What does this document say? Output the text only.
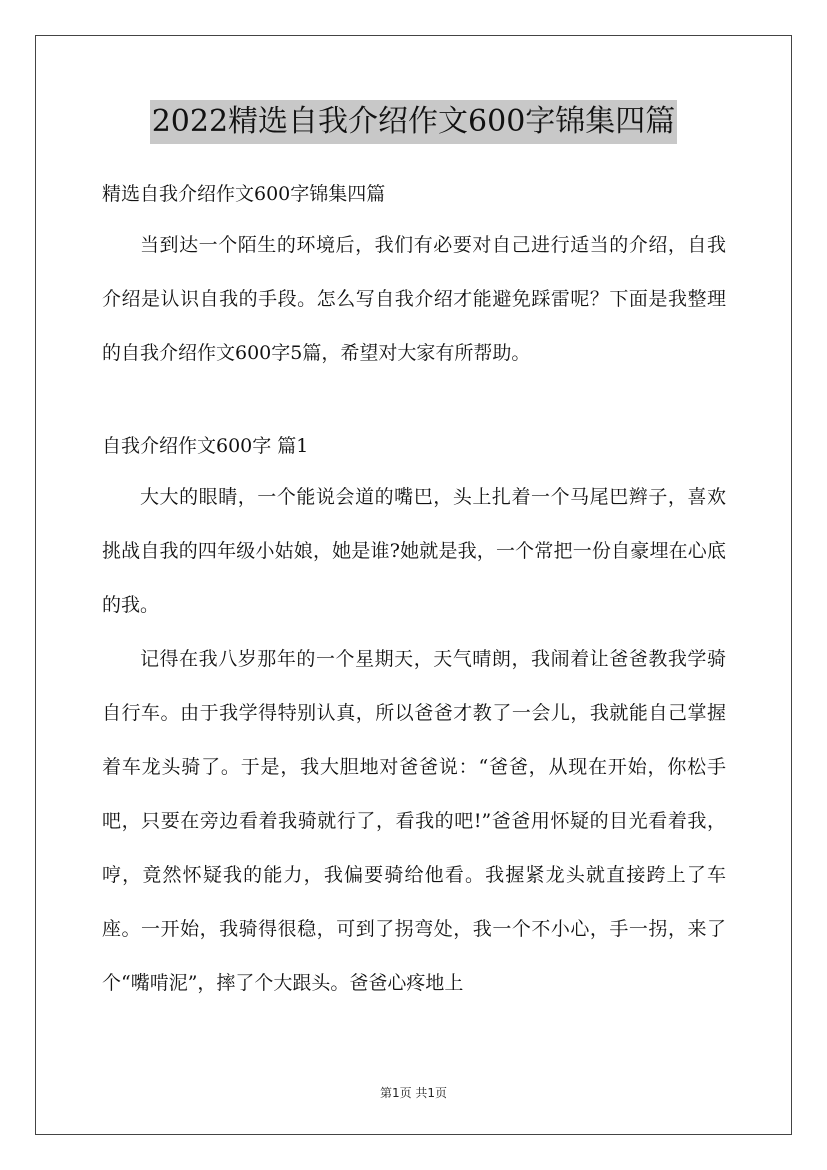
2022精选自我介绍作文600字锦集四篇

精选自我介绍作文600字锦集四篇

当到达一个陌生的环境后，我们有必要对自己进行适当的介绍，自我介绍是认识自我的手段。怎么写自我介绍才能避免踩雷呢？下面是我整理的自我介绍作文600字5篇，希望对大家有所帮助。

自我介绍作文600字 篇1

大大的眼睛，一个能说会道的嘴巴，头上扎着一个马尾巴辫子，喜欢挑战自我的四年级小姑娘，她是谁?她就是我，一个常把一份自豪埋在心底的我。

记得在我八岁那年的一个星期天，天气晴朗，我闹着让爸爸教我学骑自行车。由于我学得特别认真，所以爸爸才教了一会儿，我就能自己掌握着车龙头骑了。于是，我大胆地对爸爸说：“爸爸，从现在开始，你松手吧，只要在旁边看着我骑就行了，看我的吧!”爸爸用怀疑的目光看着我，哼，竟然怀疑我的能力，我偏要骑给他看。我握紧龙头就直接跨上了车座。一开始，我骑得很稳，可到了拐弯处，我一个不小心，手一拐，来了个“嘴啃泥”，摔了个大跟头。爸爸心疼地上

第1页 共1页
